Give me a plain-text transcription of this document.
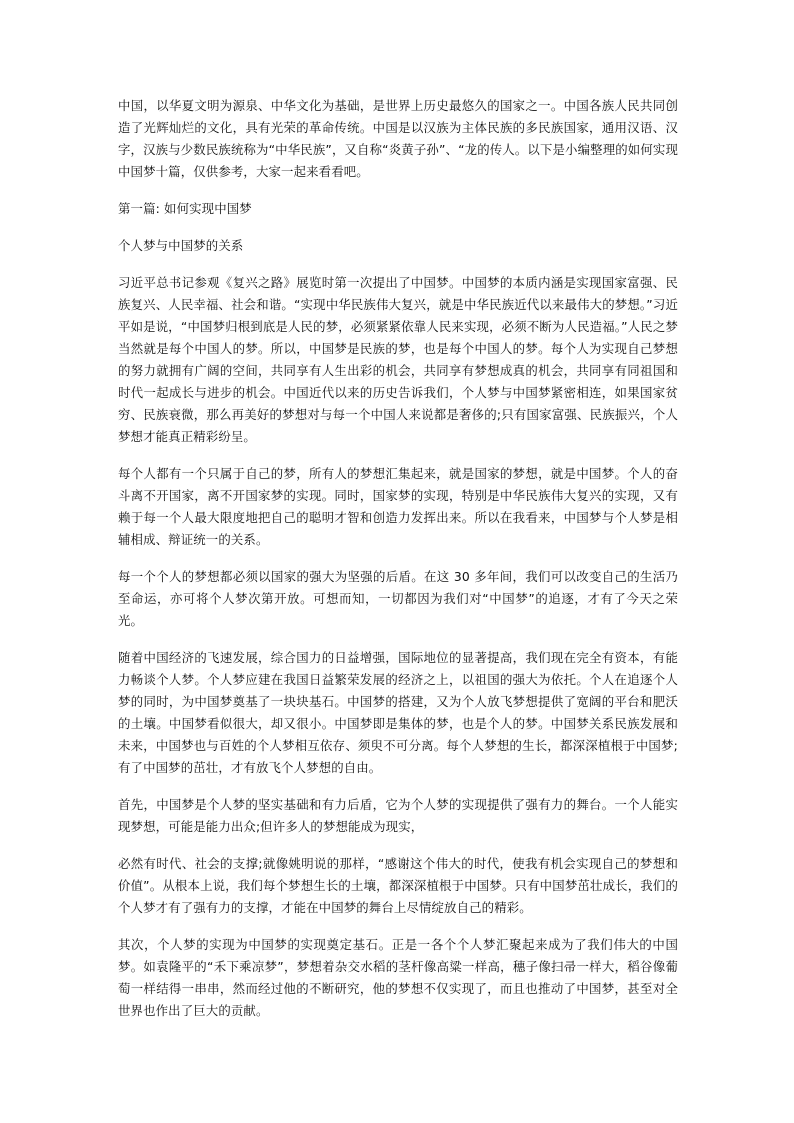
中国，以华夏文明为源泉、中华文化为基础，是世界上历史最悠久的国家之一。中国各族人民共同创造了光辉灿烂的文化，具有光荣的革命传统。中国是以汉族为主体民族的多民族国家，通用汉语、汉字，汉族与少数民族统称为“中华民族”，又自称“炎黄子孙”、“龙的传人。以下是小编整理的如何实现中国梦十篇，仅供参考，大家一起来看看吧。

第一篇: 如何实现中国梦

个人梦与中国梦的关系

习近平总书记参观《复兴之路》展览时第一次提出了中国梦。中国梦的本质内涵是实现国家富强、民族复兴、人民幸福、社会和谐。“实现中华民族伟大复兴，就是中华民族近代以来最伟大的梦想。”习近平如是说，“中国梦归根到底是人民的梦，必须紧紧依靠人民来实现，必须不断为人民造福。”人民之梦当然就是每个中国人的梦。所以，中国梦是民族的梦，也是每个中国人的梦。每个人为实现自己梦想的努力就拥有广阔的空间，共同享有人生出彩的机会，共同享有梦想成真的机会，共同享有同祖国和时代一起成长与进步的机会。中国近代以来的历史告诉我们，个人梦与中国梦紧密相连，如果国家贫穷、民族衰微，那么再美好的梦想对与每一个中国人来说都是奢侈的;只有国家富强、民族振兴，个人梦想才能真正精彩纷呈。

每个人都有一个只属于自己的梦，所有人的梦想汇集起来，就是国家的梦想，就是中国梦。个人的奋斗离不开国家，离不开国家梦的实现。同时，国家梦的实现，特别是中华民族伟大复兴的实现，又有赖于每一个人最大限度地把自己的聪明才智和创造力发挥出来。所以在我看来，中国梦与个人梦是相辅相成、辩证统一的关系。

每一个个人的梦想都必须以国家的强大为坚强的后盾。在这 30 多年间，我们可以改变自己的生活乃至命运，亦可将个人梦次第开放。可想而知，一切都因为我们对“中国梦”的追逐，才有了今天之荣光。

随着中国经济的飞速发展，综合国力的日益增强，国际地位的显著提高，我们现在完全有资本，有能力畅谈个人梦。个人梦应建在我国日益繁荣发展的经济之上，以祖国的强大为依托。个人在追逐个人梦的同时，为中国梦奠基了一块块基石。中国梦的搭建，又为个人放飞梦想提供了宽阔的平台和肥沃的土壤。中国梦看似很大，却又很小。中国梦即是集体的梦，也是个人的梦。中国梦关系民族发展和未来，中国梦也与百姓的个人梦相互依存、须臾不可分离。每个人梦想的生长，都深深植根于中国梦;有了中国梦的茁壮，才有放飞个人梦想的自由。

首先，中国梦是个人梦的坚实基础和有力后盾，它为个人梦的实现提供了强有力的舞台。一个人能实现梦想，可能是能力出众;但许多人的梦想能成为现实，

必然有时代、社会的支撑;就像姚明说的那样，“感谢这个伟大的时代，使我有机会实现自己的梦想和价值”。从根本上说，我们每个梦想生长的土壤，都深深植根于中国梦。只有中国梦茁壮成长，我们的个人梦才有了强有力的支撑，才能在中国梦的舞台上尽情绽放自己的精彩。

其次，个人梦的实现为中国梦的实现奠定基石。正是一各个个人梦汇聚起来成为了我们伟大的中国梦。如袁隆平的“禾下乘凉梦”，梦想着杂交水稻的茎杆像高粱一样高，穗子像扫帚一样大，稻谷像葡萄一样结得一串串，然而经过他的不断研究，他的梦想不仅实现了，而且也推动了中国梦，甚至对全世界也作出了巨大的贡献。
